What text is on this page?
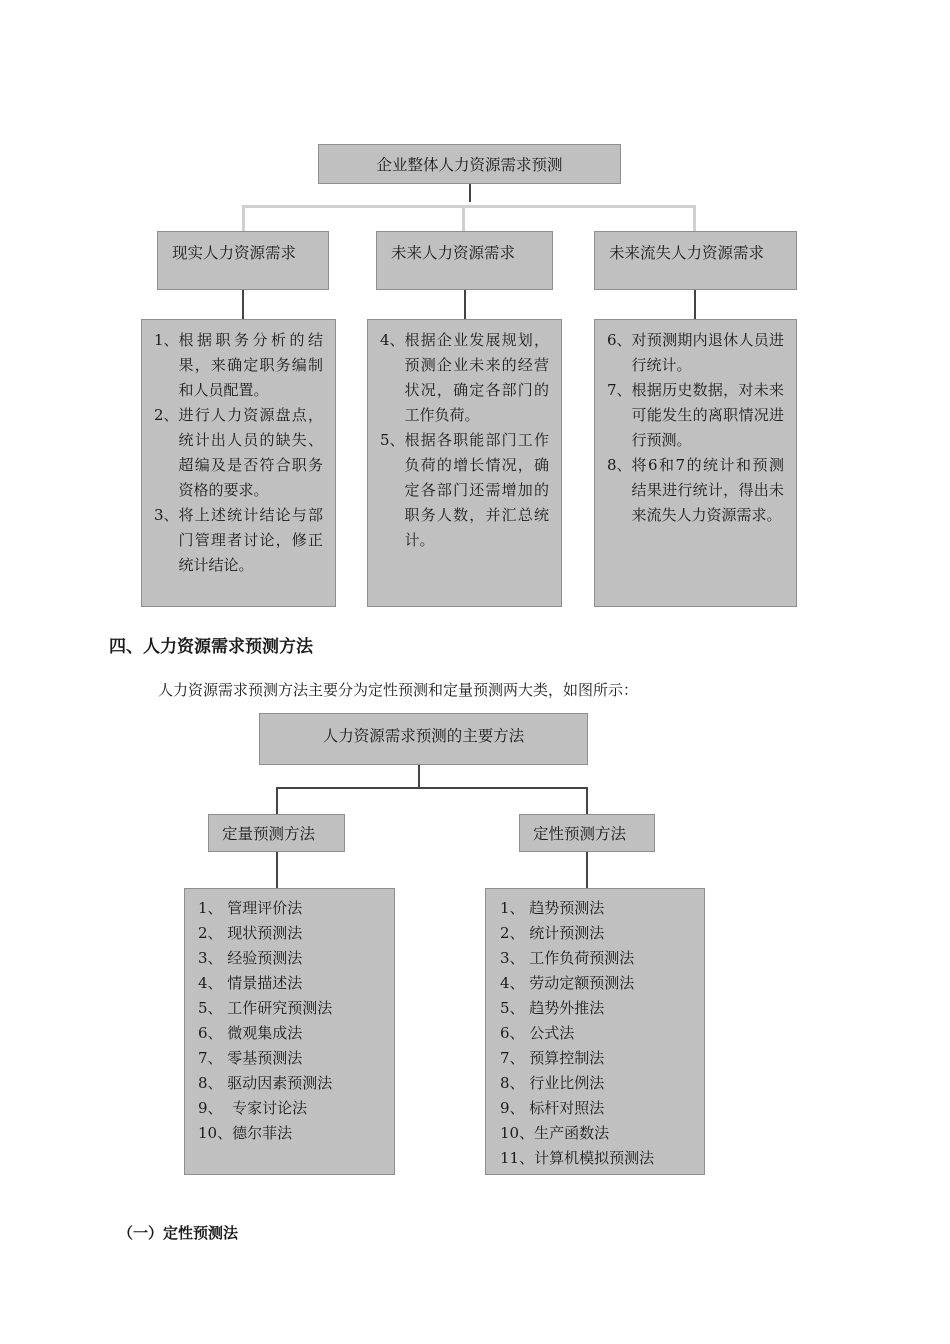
企业整体人力资源需求预测
现实人力资源需求	未来人力资源需求	未来流失人力资源需求
1、 根据职务分析的结果，来确定职务编制和人员配置。
2、 进行人力资源盘点，统计出人员的缺失、超编及是否符合职务资格的要求。
3、 将上述统计结论与部门管理者讨论，修正统计结论。
4、 根据企业发展规划，预测企业未来的经营状况，确定各部门的工作负荷。
5、 根据各职能部门工作负荷的增长情况，确定各部门还需增加的职务人数，并汇总统计。
6、 对预测期内退休人员进行统计。
7、 根据历史数据，对未来可能发生的离职情况进行预测。
8、 将6和7的统计和预测结果进行统计，得出未来流失人力资源需求。
四、人力资源需求预测方法
人力资源需求预测方法主要分为定性预测和定量预测两大类，如图所示：
人力资源需求预测的主要方法
定量预测方法	定性预测方法
1、 管理评价法
2、 现状预测法
3、 经验预测法
4、 情景描述法
5、 工作研究预测法
6、 微观集成法
7、 零基预测法
8、 驱动因素预测法
9、  专家讨论法
10、德尔菲法
1、 趋势预测法
2、 统计预测法
3、 工作负荷预测法
4、 劳动定额预测法
5、 趋势外推法
6、 公式法
7、 预算控制法
8、 行业比例法
9、 标杆对照法
10、生产函数法
11、计算机模拟预测法
（一）定性预测法
